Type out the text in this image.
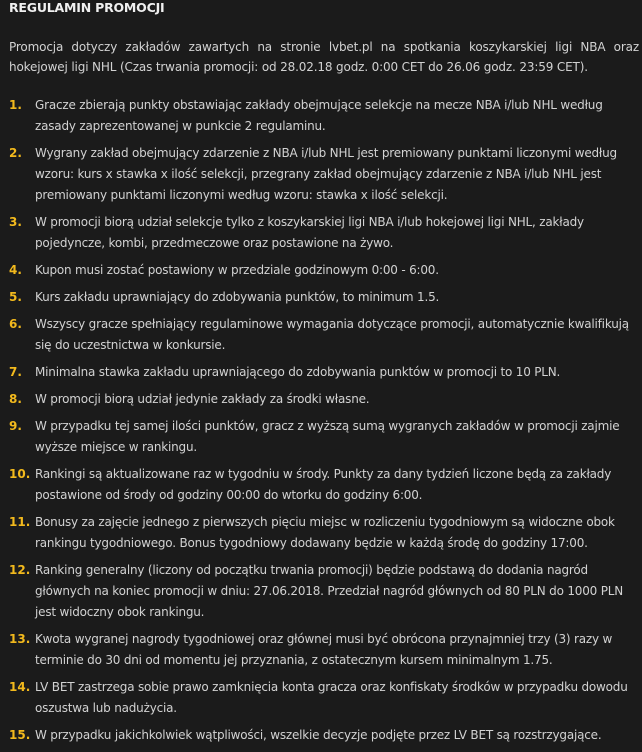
REGULAMIN PROMOCJI

Promocja dotyczy zakładów zawartych na stronie lvbet.pl na spotkania koszykarskiej ligi NBA oraz hokejowej ligi NHL (Czas trwania promocji: od 28.02.18 godz. 0:00 CET do 26.06 godz. 23:59 CET).

1.	Gracze zbierają punkty obstawiając zakłady obejmujące selekcje na mecze NBA i/lub NHL według zasady zaprezentowanej w punkcie 2 regulaminu.
2.	Wygrany zakład obejmujący zdarzenie z NBA i/lub NHL jest premiowany punktami liczonymi według wzoru: kurs x stawka x ilość selekcji, przegrany zakład obejmujący zdarzenie z NBA i/lub NHL jest premiowany punktami liczonymi według wzoru: stawka x ilość selekcji.
3.	W promocji biorą udział selekcje tylko z koszykarskiej ligi NBA i/lub hokejowej ligi NHL, zakłady pojedyncze, kombi, przedmeczowe oraz postawione na żywo.
4.	Kupon musi zostać postawiony w przedziale godzinowym 0:00 - 6:00.
5.	Kurs zakładu uprawniający do zdobywania punktów, to minimum 1.5.
6.	Wszyscy gracze spełniający regulaminowe wymagania dotyczące promocji, automatycznie kwalifikują się do uczestnictwa w konkursie.
7.	Minimalna stawka zakładu uprawniającego do zdobywania punktów w promocji to 10 PLN.
8.	W promocji biorą udział jedynie zakłady za środki własne.
9.	W przypadku tej samej ilości punktów, gracz z wyższą sumą wygranych zakładów w promocji zajmie wyższe miejsce w rankingu.
10. Rankingi są aktualizowane raz w tygodniu w środy. Punkty za dany tydzień liczone będą za zakłady postawione od środy od godziny 00:00 do wtorku do godziny 6:00.
11. Bonusy za zajęcie jednego z pierwszych pięciu miejsc w rozliczeniu tygodniowym są widoczne obok rankingu tygodniowego. Bonus tygodniowy dodawany będzie w każdą środę do godziny 17:00.
12. Ranking generalny (liczony od początku trwania promocji) będzie podstawą do dodania nagród głównych na koniec promocji w dniu: 27.06.2018. Przedział nagród głównych od 80 PLN do 1000 PLN jest widoczny obok rankingu.
13. Kwota wygranej nagrody tygodniowej oraz głównej musi być obrócona przynajmniej trzy (3) razy w terminie do 30 dni od momentu jej przyznania, z ostatecznym kursem minimalnym 1.75.
14. LV BET zastrzega sobie prawo zamknięcia konta gracza oraz konfiskaty środków w przypadku dowodu oszustwa lub nadużycia.
15. W przypadku jakichkolwiek wątpliwości, wszelkie decyzje podjęte przez LV BET są rozstrzygające.
